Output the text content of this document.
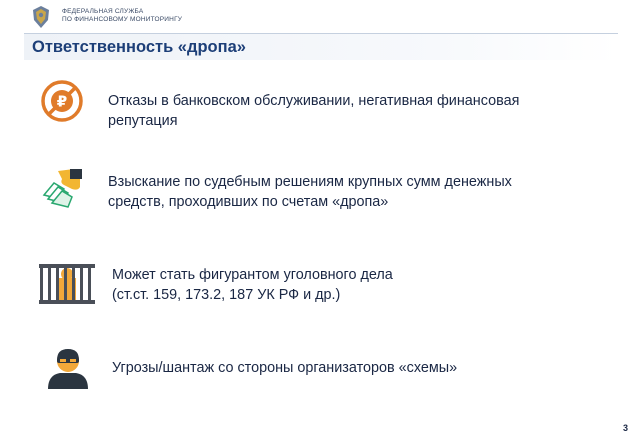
ФЕДЕРАЛЬНАЯ СЛУЖБА
ПО ФИНАНСОВОМУ МОНИТОРИНГУ
Ответственность «дропа»
₽	Отказы в банковском обслуживании, негативная финансовая
репутация
Взыскание по судебным решениям крупных сумм денежных
средств, проходивших по счетам «дропа»
Может стать фигурантом уголовного дела
(ст.ст. 159, 173.2, 187 УК РФ и др.)
Угрозы/шантаж со стороны организаторов «схемы»
3
